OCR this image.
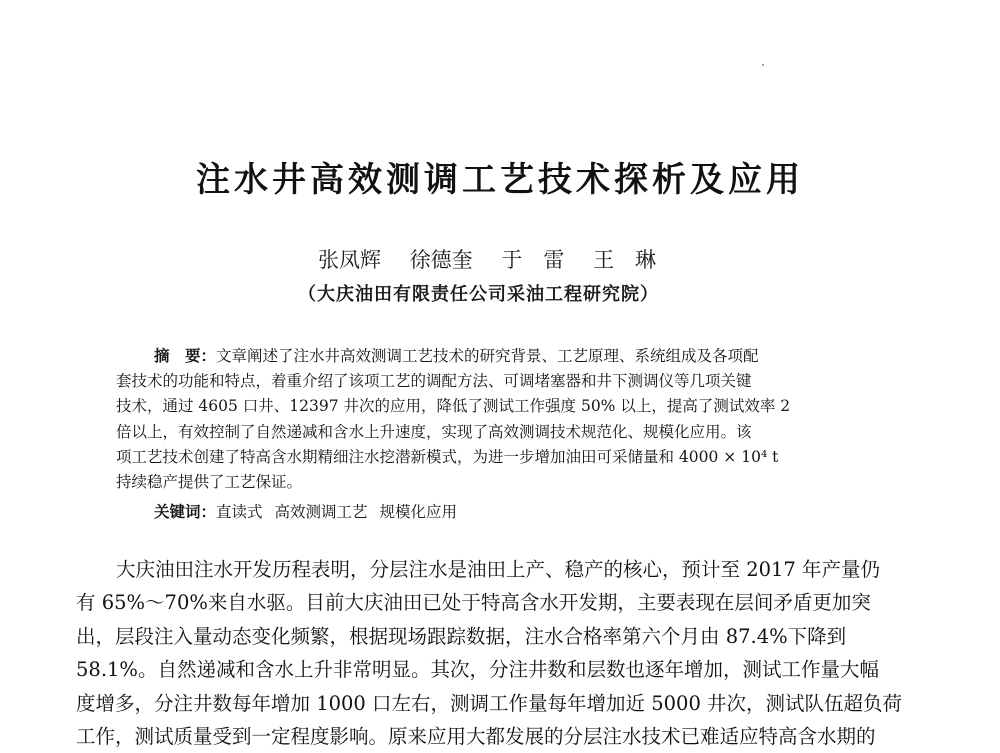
注水井高效测调工艺技术探析及应用
张凤辉 徐德奎 于　雷 王　琳
（大庆油田有限责任公司采油工程研究院）

摘　要：文章阐述了注水井高效测调工艺技术的研究背景、工艺原理、系统组成及各项配
套技术的功能和特点，着重介绍了该项工艺的调配方法、可调堵塞器和井下测调仪等几项关键
技术，通过 4605 口井、12397 井次的应用，降低了测试工作强度 50% 以上，提高了测试效率 2
倍以上，有效控制了自然递减和含水上升速度，实现了高效测调技术规范化、规模化应用。该
项工艺技术创建了特高含水期精细注水挖潜新模式，为进一步增加油田可采储量和 4000 × 10⁴ t
持续稳产提供了工艺保证。

关键词：直读式 高效测调工艺 规模化应用
大庆油田注水开发历程表明，分层注水是油田上产、稳产的核心，预计至 2017 年产量仍
有 65%～70%来自水驱。目前大庆油田已处于特高含水开发期，主要表现在层间矛盾更加突
出，层段注入量动态变化频繁，根据现场跟踪数据，注水合格率第六个月由 87.4%下降到
58.1%。自然递减和含水上升非常明显。其次，分注井数和层数也逐年增加，测试工作量大幅
度增多，分注井数每年增加 1000 口左右，测调工作量每年增加近 5000 井次，测试队伍超负荷
工作，测试质量受到一定程度影响。原来应用大都发展的分层注水技术已难适应特高含水期的
